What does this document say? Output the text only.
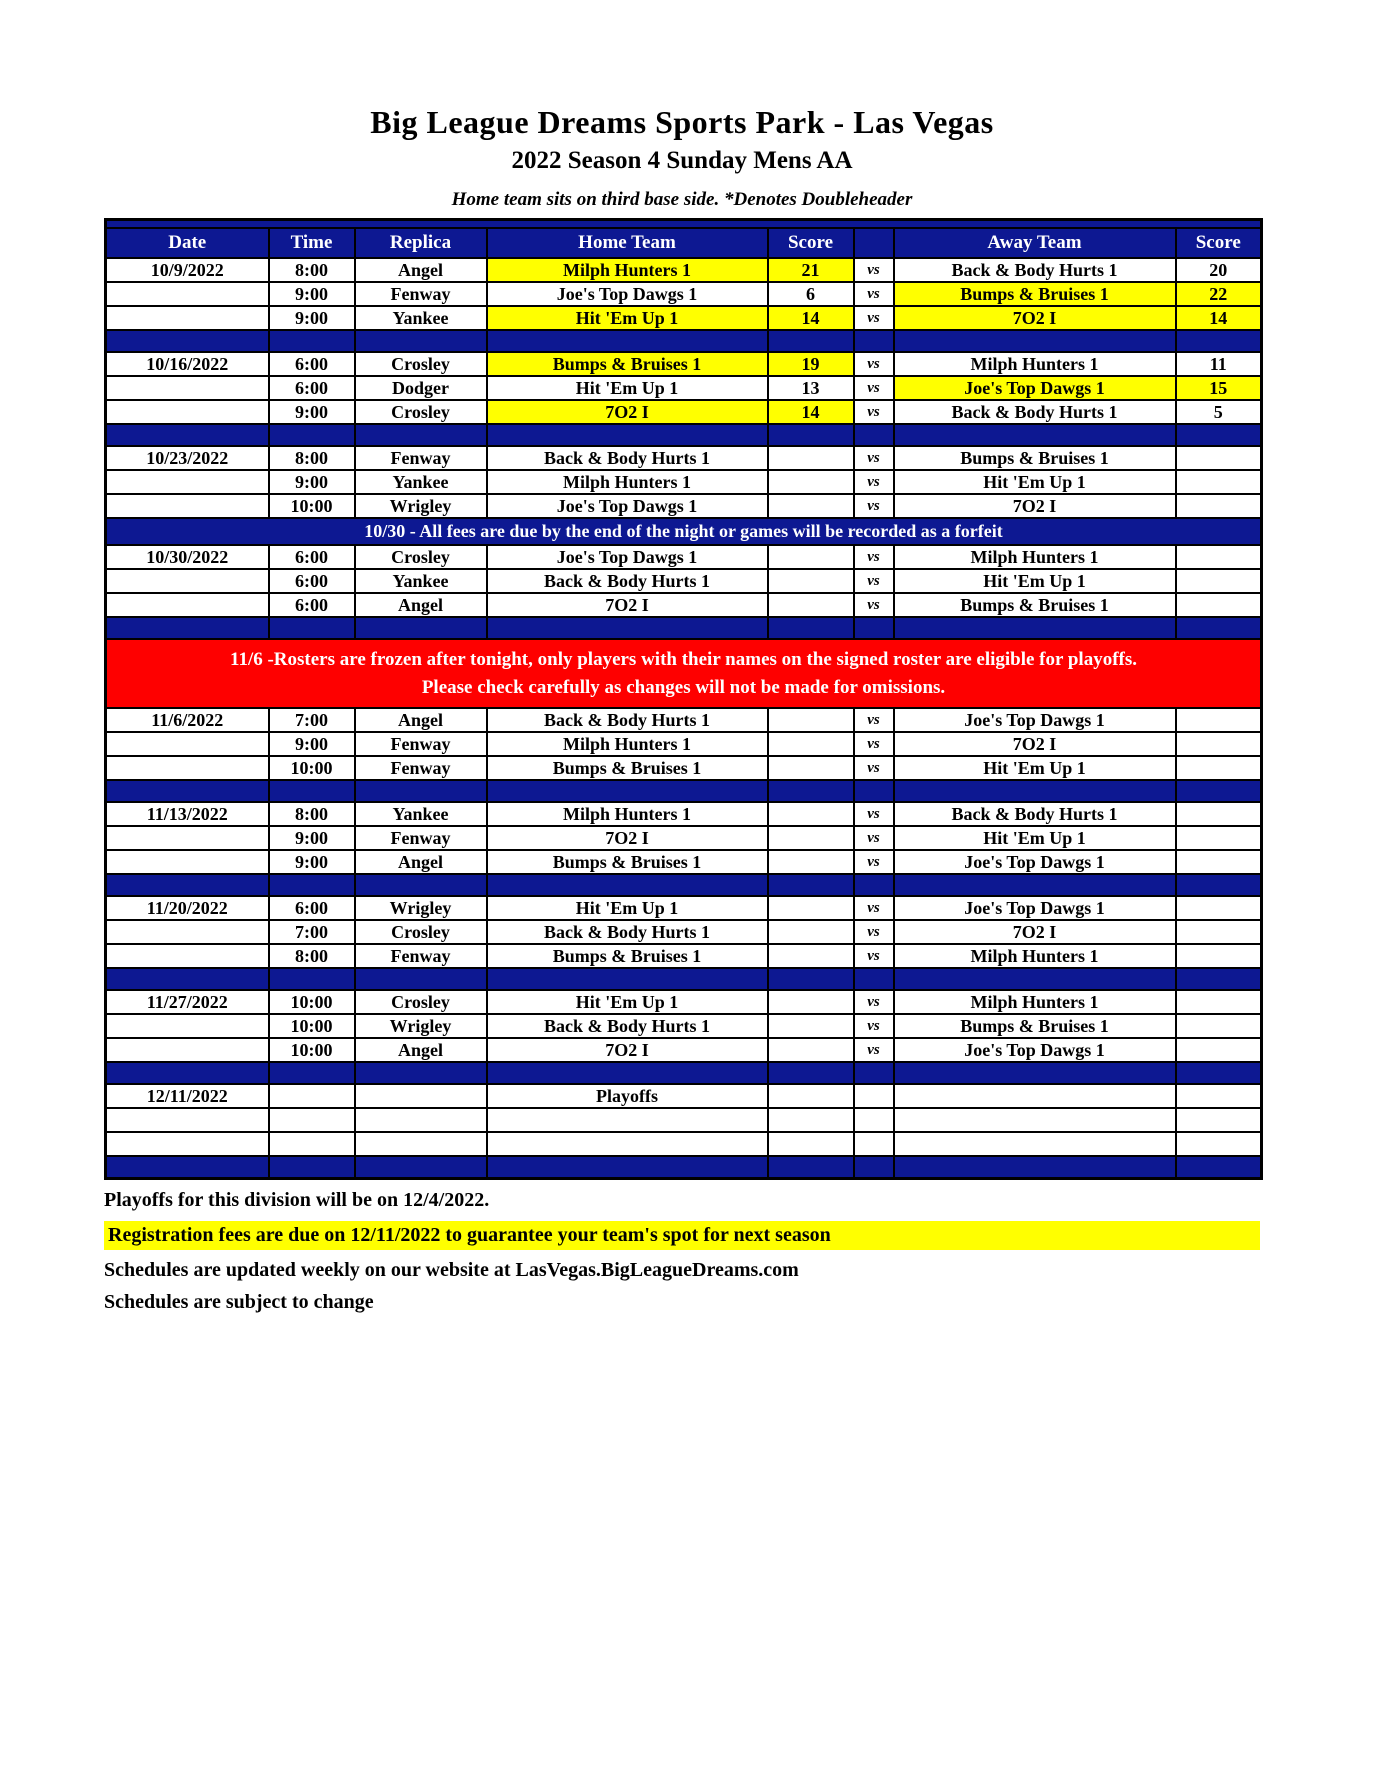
Big League Dreams Sports Park - Las Vegas
2022 Season 4 Sunday Mens AA
Home team sits on third base side. *Denotes Doubleheader

Date	Time	Replica	Home Team	Score		Away Team	Score
10/9/2022	8:00	Angel	Milph Hunters 1	21	vs	Back & Body Hurts 1	20
	9:00	Fenway	Joe's Top Dawgs 1	6	vs	Bumps & Bruises 1	22
	9:00	Yankee	Hit 'Em Up 1	14	vs	7O2 I	14

10/16/2022	6:00	Crosley	Bumps & Bruises 1	19	vs	Milph Hunters 1	11
	6:00	Dodger	Hit 'Em Up 1	13	vs	Joe's Top Dawgs 1	15
	9:00	Crosley	7O2 I	14	vs	Back & Body Hurts 1	5

10/23/2022	8:00	Fenway	Back & Body Hurts 1		vs	Bumps & Bruises 1	
	9:00	Yankee	Milph Hunters 1		vs	Hit 'Em Up 1	
	10:00	Wrigley	Joe's Top Dawgs 1		vs	7O2 I	
10/30 - All fees are due by the end of the night or games will be recorded as a forfeit							
10/30/2022	6:00	Crosley	Joe's Top Dawgs 1		vs	Milph Hunters 1	
	6:00	Yankee	Back & Body Hurts 1		vs	Hit 'Em Up 1	
	6:00	Angel	7O2 I		vs	Bumps & Bruises 1	

11/6 -Rosters are frozen after tonight, only players with their names on the signed roster are eligible for playoffs.
Please check carefully as changes will not be made for omissions.							

11/6/2022	7:00	Angel	Back & Body Hurts 1		vs	Joe's Top Dawgs 1	
	9:00	Fenway	Milph Hunters 1		vs	7O2 I	
	10:00	Fenway	Bumps & Bruises 1		vs	Hit 'Em Up 1	

11/13/2022	8:00	Yankee	Milph Hunters 1		vs	Back & Body Hurts 1	
	9:00	Fenway	7O2 I		vs	Hit 'Em Up 1	
	9:00	Angel	Bumps & Bruises 1		vs	Joe's Top Dawgs 1	

11/20/2022	6:00	Wrigley	Hit 'Em Up 1		vs	Joe's Top Dawgs 1	
	7:00	Crosley	Back & Body Hurts 1		vs	7O2 I	
	8:00	Fenway	Bumps & Bruises 1		vs	Milph Hunters 1	

11/27/2022	10:00	Crosley	Hit 'Em Up 1		vs	Milph Hunters 1	
	10:00	Wrigley	Back & Body Hurts 1		vs	Bumps & Bruises 1	
	10:00	Angel	7O2 I		vs	Joe's Top Dawgs 1	

12/11/2022			Playoffs				

Playoffs for this division will be on 12/4/2022.

Registration fees are due on 12/11/2022 to guarantee your team's spot for next season

Schedules are updated weekly on our website at LasVegas.BigLeagueDreams.com

Schedules are subject to change
